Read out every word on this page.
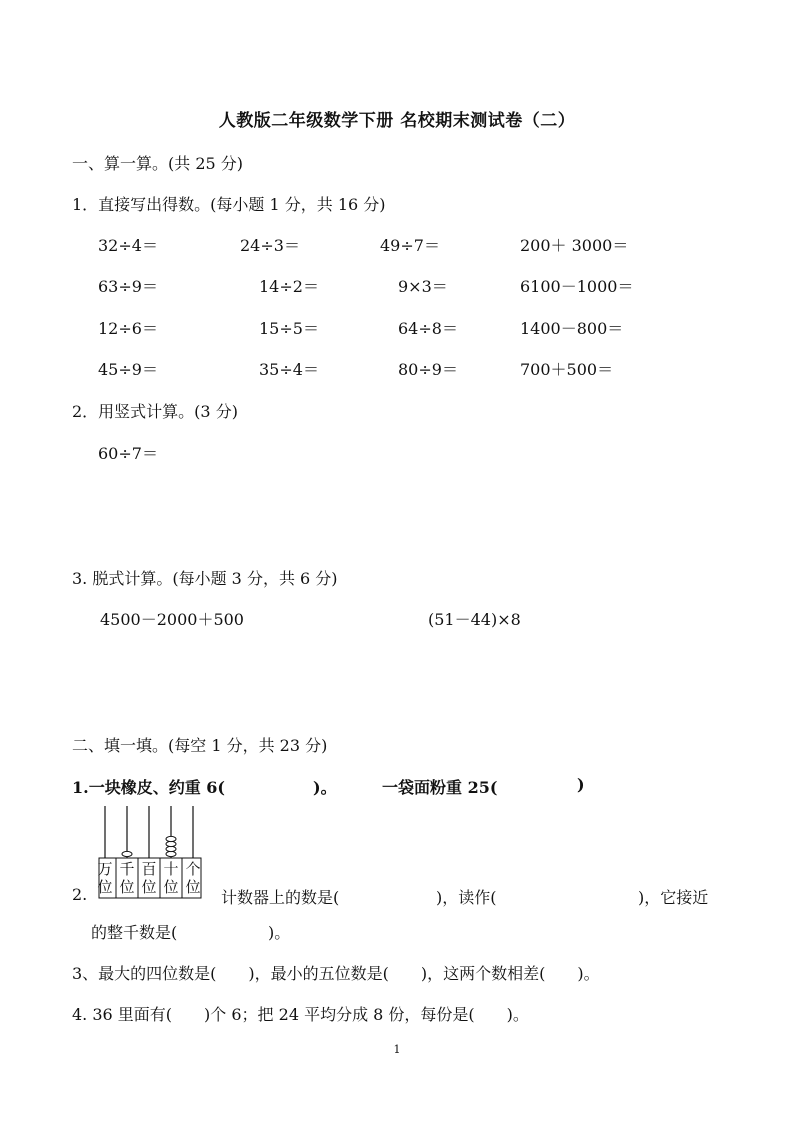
人教版二年级数学下册 名校期末测试卷（二）
一、算一算。(共 25 分)
1．直接写出得数。(每小题 1 分，共 16 分)
32÷4＝	24÷3＝	49÷7＝	200＋ 3000＝
63÷9＝	14÷2＝	9×3＝	6100－1000＝
12÷6＝	15÷5＝	64÷8＝	1400－800＝
45÷9＝	35÷4＝	80÷9＝	700＋500＝
2．用竖式计算。(3 分)
60÷7＝
3. 脱式计算。(每小题 3 分，共 6 分)
4500－2000＋500	(51－44)×8
二、填一填。(每空 1 分，共 23 分)
1.一块橡皮、约重 6(	)。	一袋面粉重 25(	)
万
位
千
位
百
位
十
位
个
位
2.	计数器上的数是(	)，读作(	)，它接近
的整千数是(	)。
3、最大的四位数是(　　)，最小的五位数是(　　)，这两个数相差(　　)。
4. 36 里面有(　　)个 6；把 24 平均分成 8 份，每份是(　　)。
1
